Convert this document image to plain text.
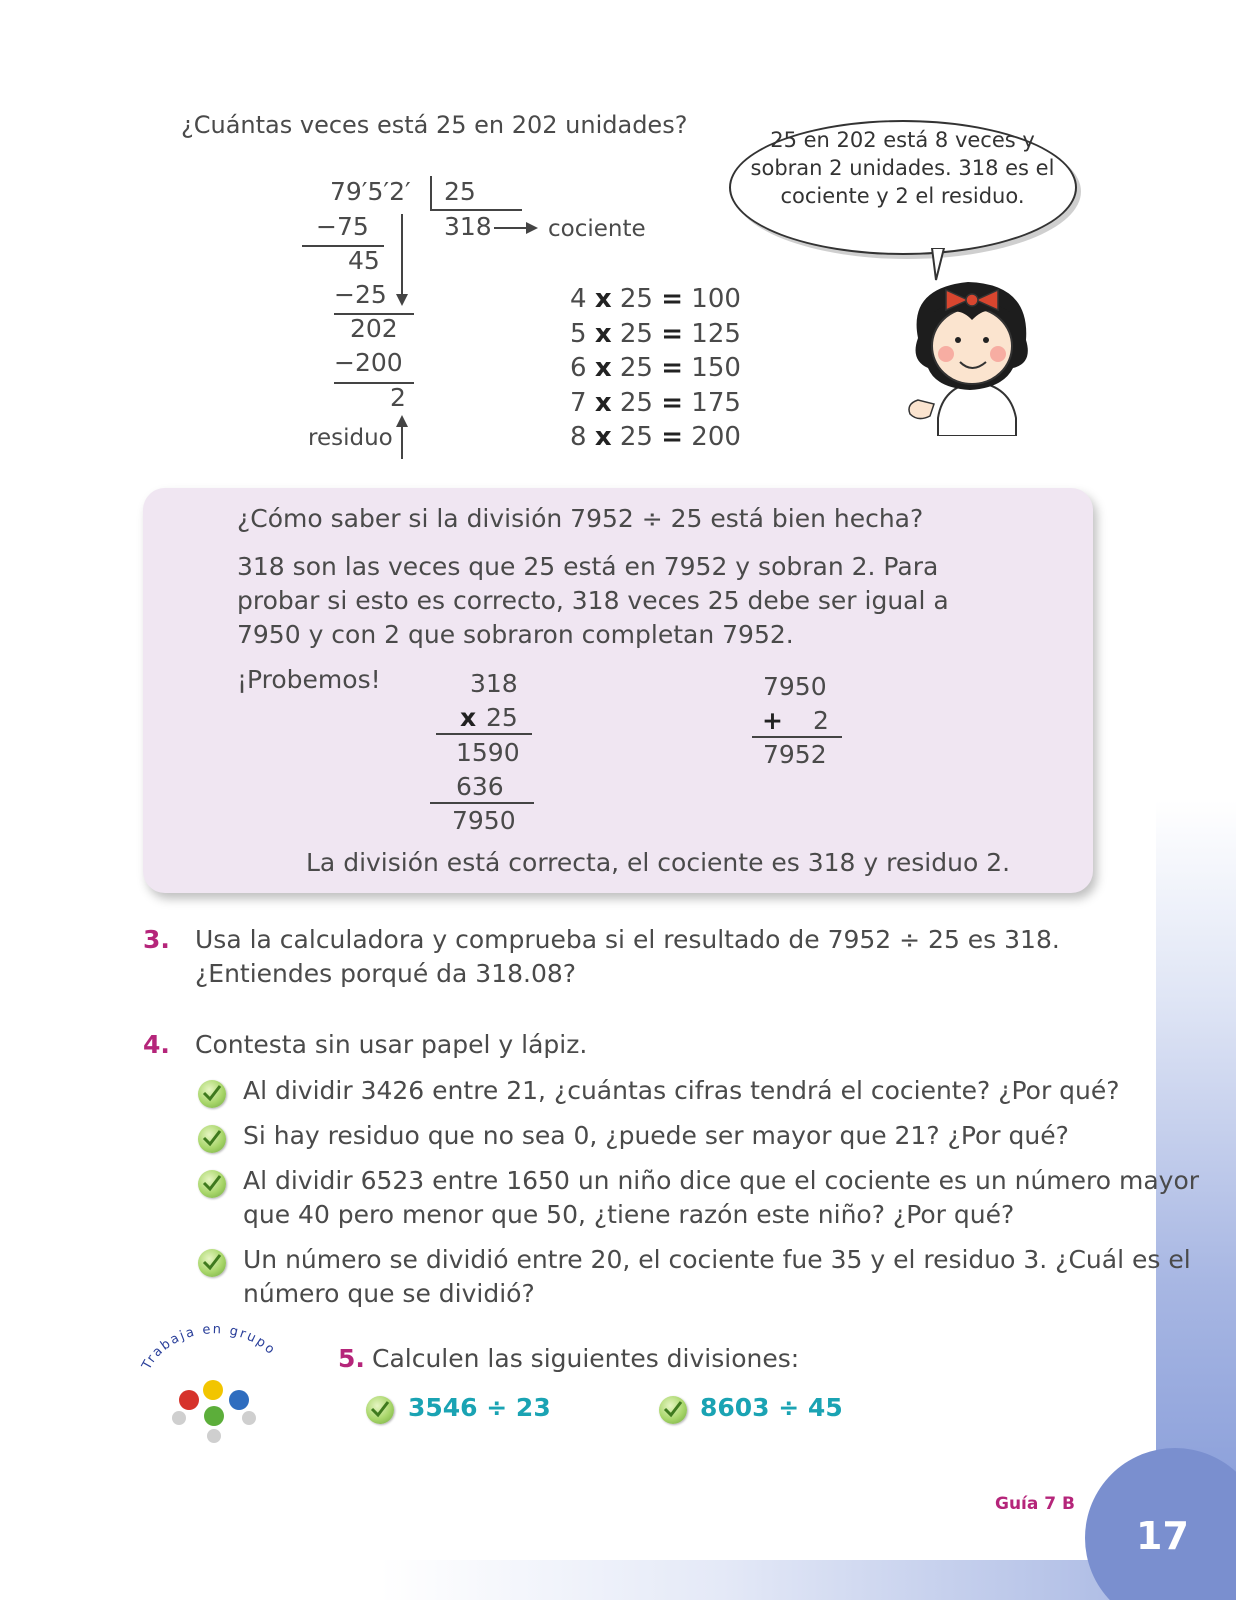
¿Cuántas veces está 25 en 202 unidades?
79′5′2′ 25
318 cociente
−75
45
−25
202
−200
2
residuo
4 x 25 = 100
5 x 25 = 125
6 x 25 = 150
7 x 25 = 175
8 x 25 = 200
25 en 202 está 8 veces y sobran 2 unidades. 318 es el cociente y 2 el residuo.
¿Cómo saber si la división 7952 ÷ 25 está bien hecha?
318 son las veces que 25 está en 7952 y sobran 2. Para probar si esto es correcto, 318 veces 25 debe ser igual a 7950 y con 2 que sobraron completan 7952.
¡Probemos!	318
x 25
1590
636
7950
7950
+ 2
7952
La división está correcta, el cociente es 318 y residuo 2.
3. Usa la calculadora y comprueba si el resultado de 7952 ÷ 25 es 318.
¿Entiendes porqué da 318.08?
4. Contesta sin usar papel y lápiz.
Al dividir 3426 entre 21, ¿cuántas cifras tendrá el cociente? ¿Por qué?
Si hay residuo que no sea 0, ¿puede ser mayor que 21? ¿Por qué?
Al dividir 6523 entre 1650 un niño dice que el cociente es un número mayor
que 40 pero menor que 50, ¿tiene razón este niño? ¿Por qué?
Un número se dividió entre 20, el cociente fue 35 y el residuo 3. ¿Cuál es el
número que se dividió?
Trabaja en grupo 5. Calculen las siguientes divisiones:
3546 ÷ 23	8603 ÷ 45
Guía 7 B
17
